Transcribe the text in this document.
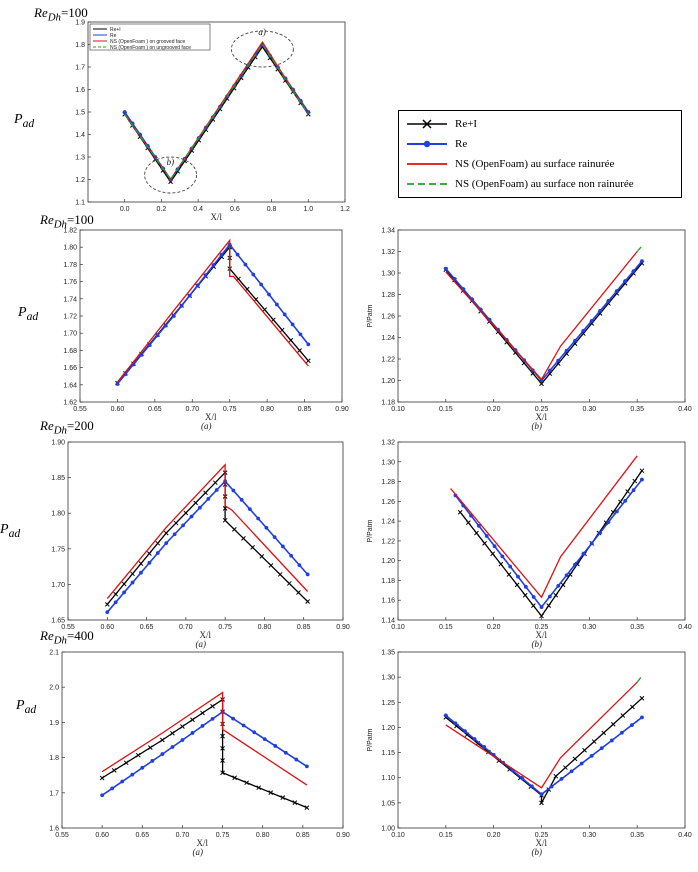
$Re_{Dh}=100$
$Re_{Dh}=100$
$Re_{Dh}=200$
$Re_{Dh}=400$
$P_{ad}$
$P_{ad}$
$P_{ad}$
$P_{ad}$
0.0	0.2	0.4	0.6	0.8	1.0	1.2
1.1
1.2
1.3
1.4
1.5
1.6
1.7
1.8
1.9
X/l
a)
b)
0.55	0.60	0.65	0.70	0.75	0.80	0.85	0.90
1.62
1.64
1.66
1.68
1.70
1.72
1.74
1.76
1.78
1.80
1.82
X/l
(a)
0.10	0.15	0.20	0.25	0.30	0.35	0.40
1.18
1.20
1.22
1.24
1.26
1.28
1.30
1.32
1.34
X/l
(b)
P/Patm
0.55	0.60	0.65	0.70	0.75	0.80	0.85	0.90
1.65
1.70
1.75
1.80
1.85
1.90
X/l
(a)
0.10	0.15	0.20	0.25	0.30	0.35	0.40
1.14
1.16
1.18
1.20
1.22
1.24
1.26
1.28
1.30
1.32
X/l
(b)
P/Patm
0.55	0.60	0.65	0.70	0.75	0.80	0.85	0.90
1.6
1.7
1.8
1.9
2.0
2.1
X/l
(a)
0.10	0.15	0.20	0.25	0.30	0.35	0.40
1.00
1.05
1.10
1.15
1.20
1.25
1.30
1.35
X/l
(b)
P/Patm
Re+I
Re
NS (OpenFoam ) on grooved face
NS (OpenFoam ) on ungrooved face
Re+I
Re
NS (OpenFoam) au surface rainurée
NS (OpenFoam) au surface non rainurée
